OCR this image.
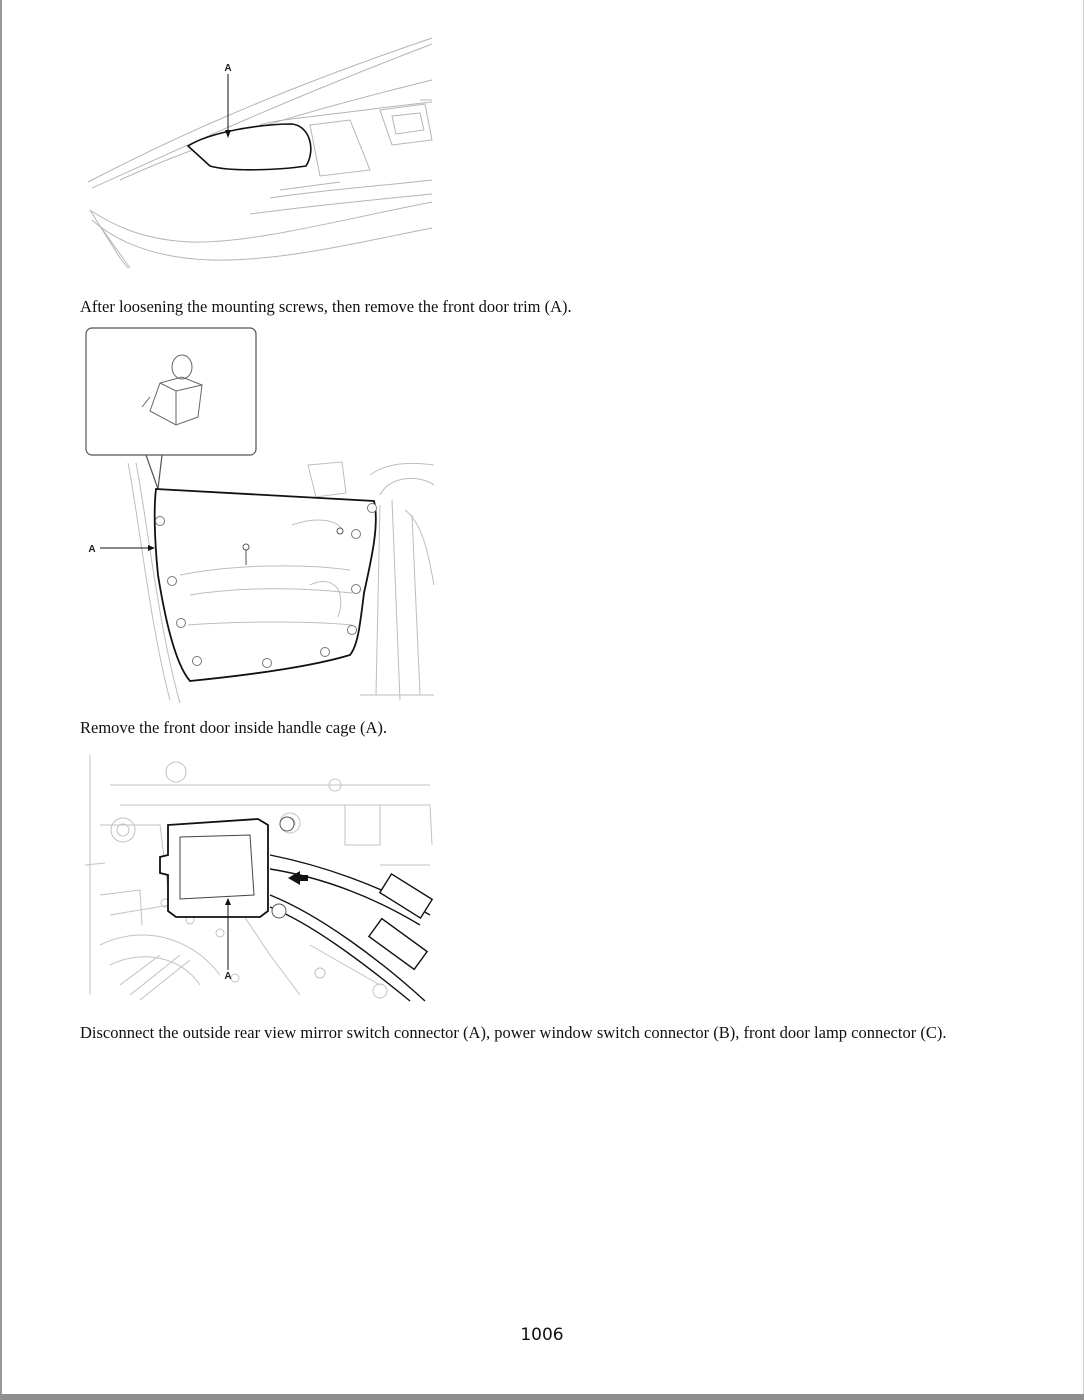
A

After loosening the mounting screws, then remove the front door trim (A).

A

Remove the front door inside handle cage (A).

A

Disconnect the outside rear view mirror switch connector (A), power window switch connector (B), front door lamp connector (C).

1006
